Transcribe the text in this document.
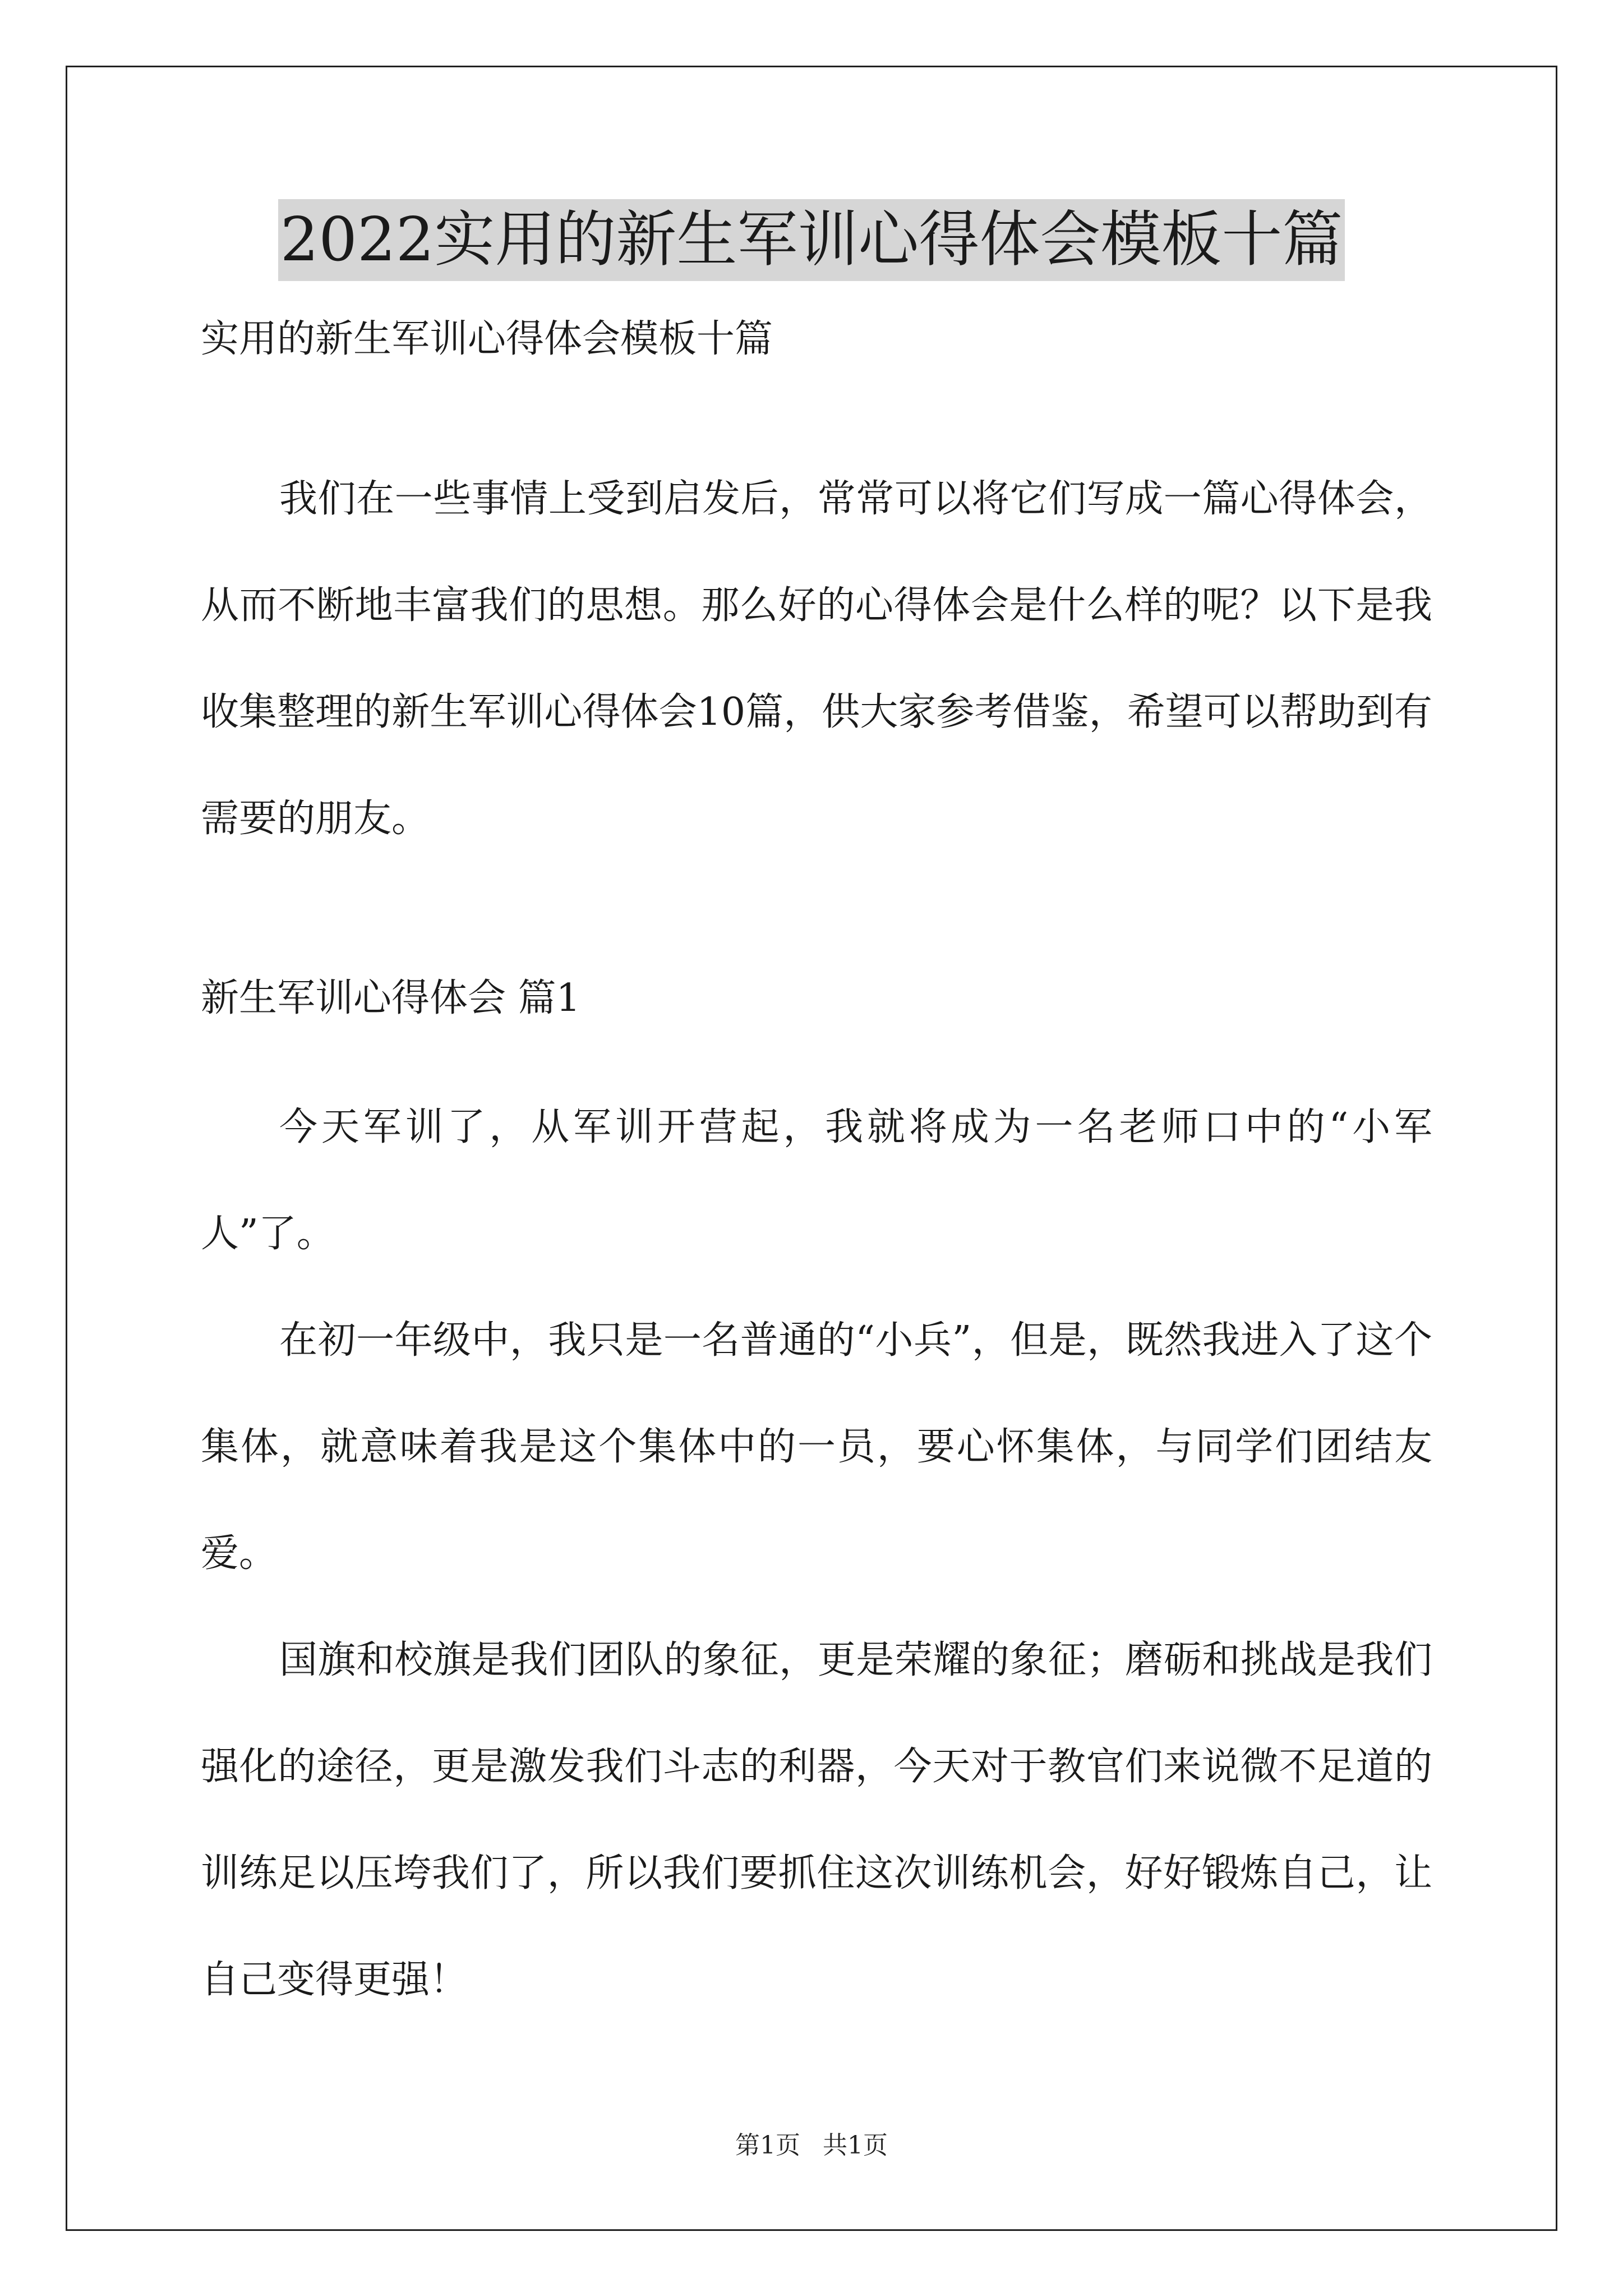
2022实用的新生军训心得体会模板十篇
实用的新生军训心得体会模板十篇

我们在一些事情上受到启发后，常常可以将它们写成一篇心得体会，从而不断地丰富我们的思想。那么好的心得体会是什么样的呢？以下是我收集整理的新生军训心得体会10篇，供大家参考借鉴，希望可以帮助到有需要的朋友。

新生军训心得体会 篇1

今天军训了，从军训开营起，我就将成为一名老师口中的“小军人”了。

在初一年级中，我只是一名普通的“小兵”，但是，既然我进入了这个集体，就意味着我是这个集体中的一员，要心怀集体，与同学们团结友爱。

国旗和校旗是我们团队的象征，更是荣耀的象征；磨砺和挑战是我们强化的途径，更是激发我们斗志的利器，今天对于教官们来说微不足道的训练足以压垮我们了，所以我们要抓住这次训练机会，好好锻炼自己，让自己变得更强！

第1页 共1页
